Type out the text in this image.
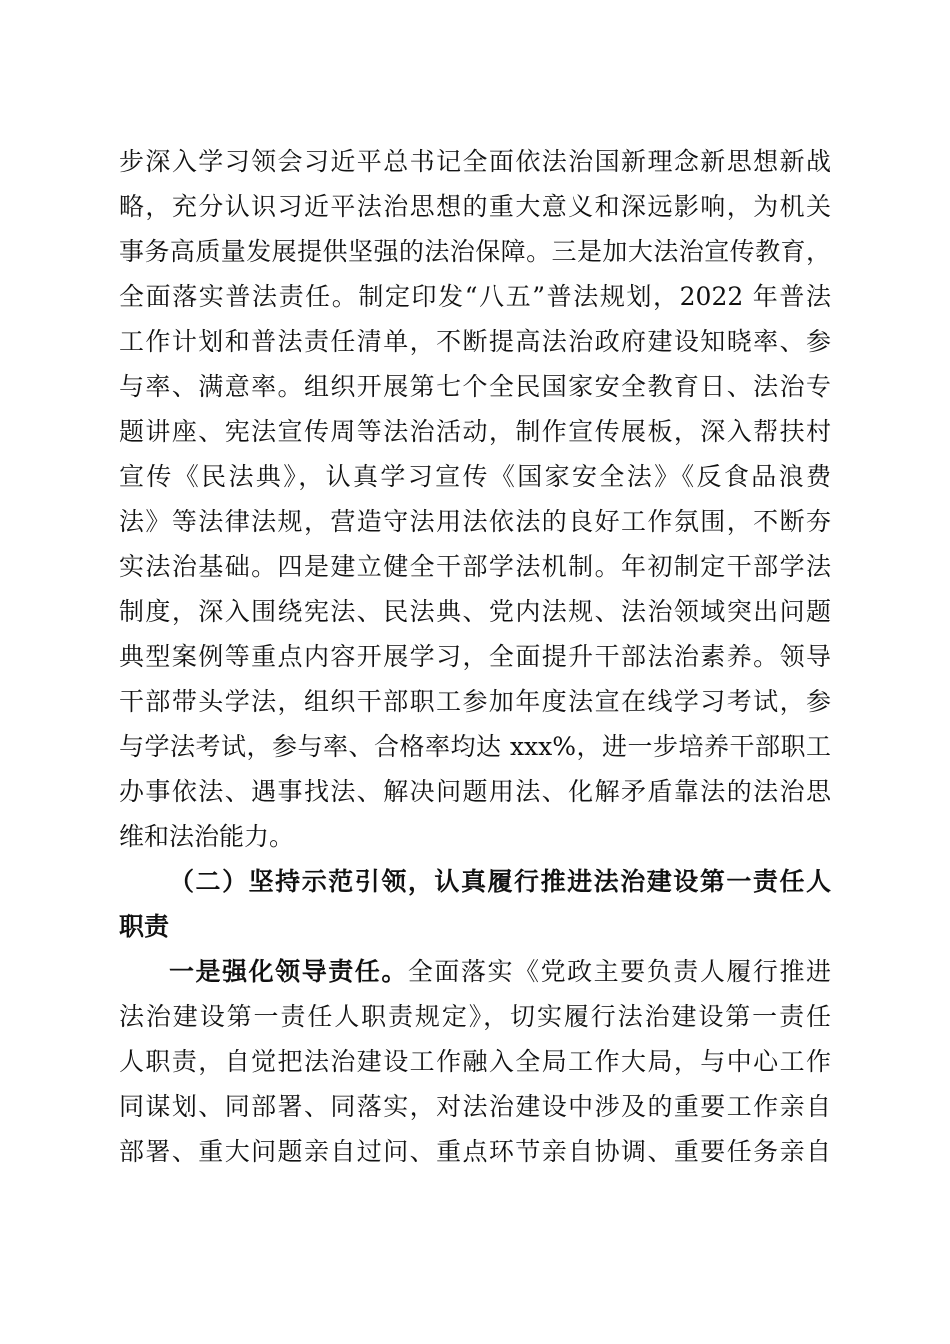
步深入学习领会习近平总书记全面依法治国新理念新思想新战
略，充分认识习近平法治思想的重大意义和深远影响，为机关
事务高质量发展提供坚强的法治保障。三是加大法治宣传教育，
全面落实普法责任。制定印发“八五”普法规划，2022 年普法
工作计划和普法责任清单，不断提高法治政府建设知晓率、参
与率、满意率。组织开展第七个全民国家安全教育日、法治专
题讲座、宪法宣传周等法治活动，制作宣传展板，深入帮扶村
宣传《民法典》，认真学习宣传《国家安全法》《反食品浪费
法》等法律法规，营造守法用法依法的良好工作氛围，不断夯
实法治基础。四是建立健全干部学法机制。年初制定干部学法
制度，深入围绕宪法、民法典、党内法规、法治领域突出问题
典型案例等重点内容开展学习，全面提升干部法治素养。领导
干部带头学法，组织干部职工参加年度法宣在线学习考试，参
与学法考试，参与率、合格率均达 xxx%，进一步培养干部职工
办事依法、遇事找法、解决问题用法、化解矛盾靠法的法治思
维和法治能力。
（二）坚持示范引领，认真履行推进法治建设第一责任人
职责
一是强化领导责任。全面落实《党政主要负责人履行推进
法治建设第一责任人职责规定》，切实履行法治建设第一责任
人职责，自觉把法治建设工作融入全局工作大局，与中心工作
同谋划、同部署、同落实，对法治建设中涉及的重要工作亲自
部署、重大问题亲自过问、重点环节亲自协调、重要任务亲自
